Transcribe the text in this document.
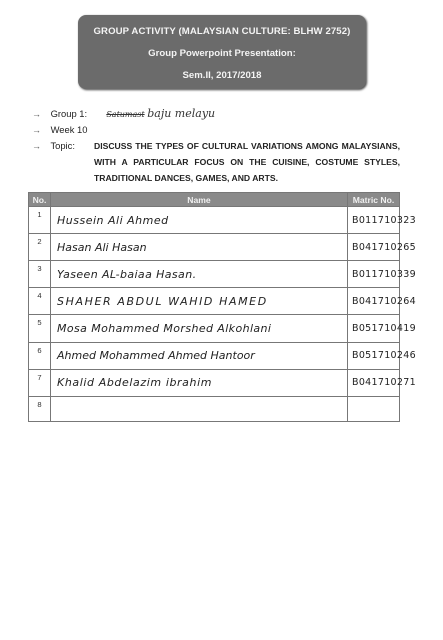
GROUP ACTIVITY (MALAYSIAN CULTURE: BLHW 2752)
Group Powerpoint Presentation:
Sem.II, 2017/2018
→ Group 1: Satumast baju melayu
→ Week 10
→ Topic: DISCUSS THE TYPES OF CULTURAL VARIATIONS AMONG MALAYSIANS, WITH A PARTICULAR FOCUS ON THE CUISINE, COSTUME STYLES, TRADITIONAL DANCES, GAMES, AND ARTS.
No.	Name	Matric No.
1	Hussein Ali Ahmed	B011710323
2	Hasan Ali Hasan	B041710265
3	Yaseen AL-baiaa Hasan.	B011710339
4	SHAHER ABDUL WAHID HAMED	B041710264
5	Mosa Mohammed Morshed Alkohlani	B051710419
6	Ahmed Mohammed Ahmed Hantoor	B051710246
7	Khalid Abdelazim ibrahim	B041710271
8		
